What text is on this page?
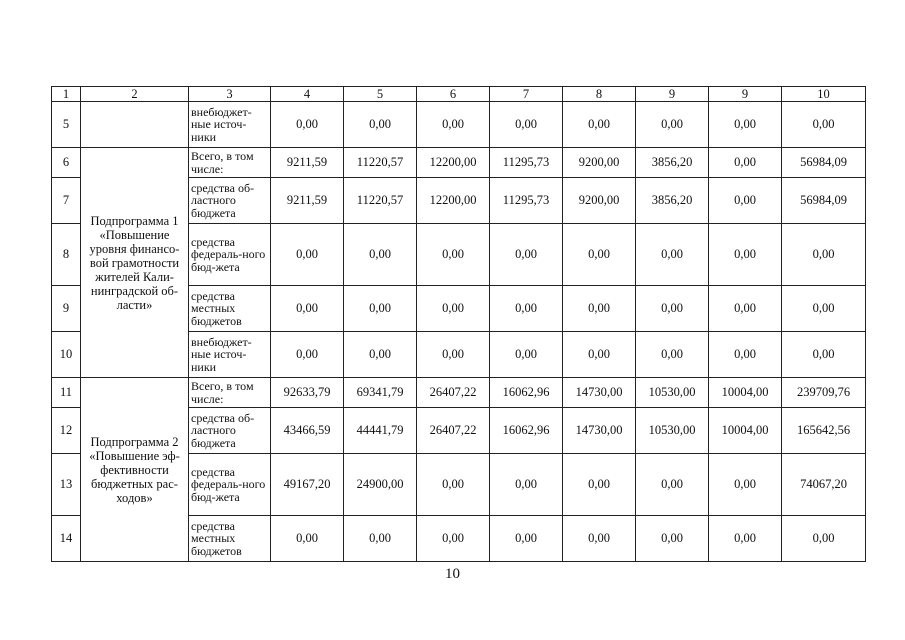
1	2	3	4	5	6	7	8	9	9	10
5		внебюджет-ные источ-ники	0,00	0,00	0,00	0,00	0,00	0,00	0,00	0,00
6	Подпрограмма 1 «Повышение уровня финансо-вой грамотности жителей Кали-нинградской об-ласти»	Всего, в том числе:	9211,59	11220,57	12200,00	11295,73	9200,00	3856,20	0,00	56984,09
7		средства об-ластного бюджета	9211,59	11220,57	12200,00	11295,73	9200,00	3856,20	0,00	56984,09
8		средства федераль-ного бюд-жета	0,00	0,00	0,00	0,00	0,00	0,00	0,00	0,00
9		средства местных бюджетов	0,00	0,00	0,00	0,00	0,00	0,00	0,00	0,00
10		внебюджет-ные источ-ники	0,00	0,00	0,00	0,00	0,00	0,00	0,00	0,00
11	Подпрограмма 2 «Повышение эф-фективности бюджетных рас-ходов»	Всего, в том числе:	92633,79	69341,79	26407,22	16062,96	14730,00	10530,00	10004,00	239709,76
12		средства об-ластного бюджета	43466,59	44441,79	26407,22	16062,96	14730,00	10530,00	10004,00	165642,56
13		средства федераль-ного бюд-жета	49167,20	24900,00	0,00	0,00	0,00	0,00	0,00	74067,20
14		средства местных бюджетов	0,00	0,00	0,00	0,00	0,00	0,00	0,00	0,00
10
